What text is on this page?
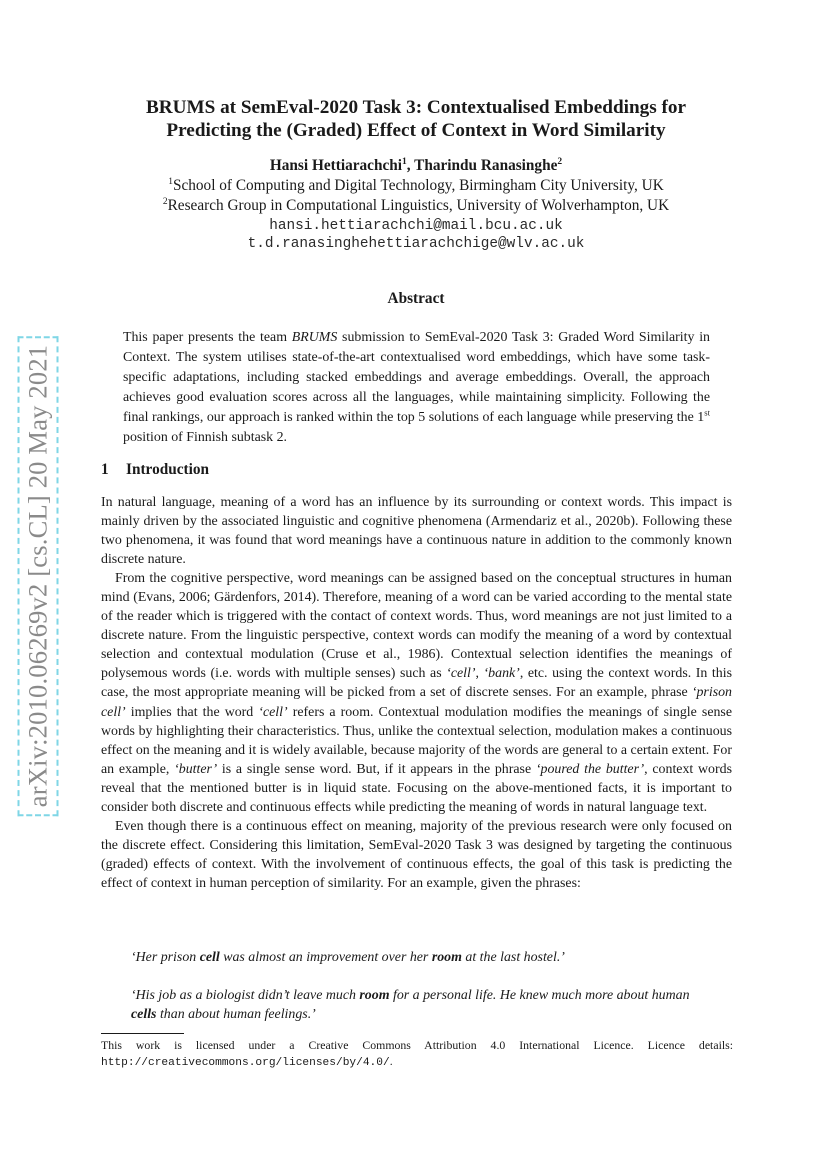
arXiv:2010.06269v2 [cs.CL] 20 May 2021
BRUMS at SemEval-2020 Task 3: Contextualised Embeddings for
Predicting the (Graded) Effect of Context in Word Similarity
Hansi Hettiarachchi$^1$, Tharindu Ranasinghe$^2$
$^1$School of Computing and Digital Technology, Birmingham City University, UK
$^2$Research Group in Computational Linguistics, University of Wolverhampton, UK
hansi.hettiarachchi@mail.bcu.ac.uk
t.d.ranasinghehettiarachchige@wlv.ac.uk
Abstract
This paper presents the team BRUMS submission to SemEval-2020 Task 3: Graded Word Similarity in Context. The system utilises state-of-the-art contextualised word embeddings, which have some task-specific adaptations, including stacked embeddings and average embeddings. Overall, the approach achieves good evaluation scores across all the languages, while maintaining simplicity. Following the final rankings, our approach is ranked within the top 5 solutions of each language while preserving the 1st position of Finnish subtask 2.
1 Introduction

In natural language, meaning of a word has an influence by its surrounding or context words. This impact is mainly driven by the associated linguistic and cognitive phenomena (Armendariz et al., 2020b). Following these two phenomena, it was found that word meanings have a continuous nature in addition to the commonly known discrete nature.

From the cognitive perspective, word meanings can be assigned based on the conceptual structures in human mind (Evans, 2006; Gärdenfors, 2014). Therefore, meaning of a word can be varied according to the mental state of the reader which is triggered with the contact of context words. Thus, word meanings are not just limited to a discrete nature. From the linguistic perspective, context words can modify the meaning of a word by contextual selection and contextual modulation (Cruse et al., 1986). Contextual selection identifies the meanings of polysemous words (i.e. words with multiple senses) such as ‘cell’, ‘bank’, etc. using the context words. In this case, the most appropriate meaning will be picked from a set of discrete senses. For an example, phrase ‘prison cell’ implies that the word ‘cell’ refers a room. Contextual modulation modifies the meanings of single sense words by highlighting their characteristics. Thus, unlike the contextual selection, modulation makes a continuous effect on the meaning and it is widely available, because majority of the words are general to a certain extent. For an example, ‘butter’ is a single sense word. But, if it appears in the phrase ‘poured the butter’, context words reveal that the mentioned butter is in liquid state. Focusing on the above-mentioned facts, it is important to consider both discrete and continuous effects while predicting the meaning of words in natural language text.

Even though there is a continuous effect on meaning, majority of the previous research were only focused on the discrete effect. Considering this limitation, SemEval-2020 Task 3 was designed by targeting the continuous (graded) effects of context. With the involvement of continuous effects, the goal of this task is predicting the effect of context in human perception of similarity. For an example, given the phrases:

‘Her prison cell was almost an improvement over her room at the last hostel.’
‘His job as a biologist didn’t leave much room for a personal life. He knew much more about human cells than about human feelings.’
This work is licensed under a Creative Commons Attribution 4.0 International Licence. Licence details: http://creativecommons.org/licenses/by/4.0/.
